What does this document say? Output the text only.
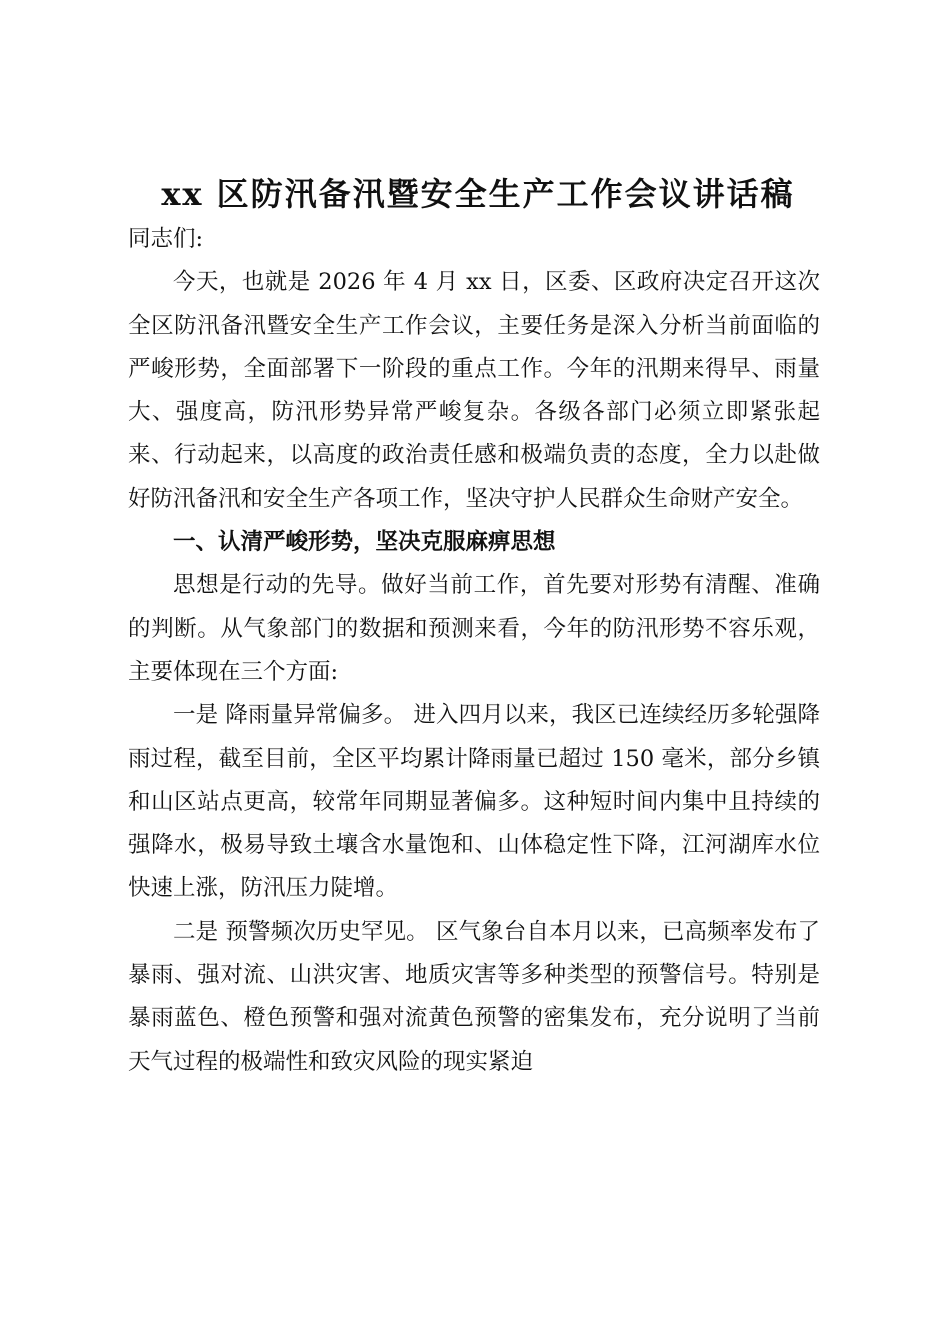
xx 区防汛备汛暨安全生产工作会议讲话稿

同志们:

今天，也就是 2026 年 4 月 xx 日，区委、区政府决定召开这次全区防汛备汛暨安全生产工作会议，主要任务是深入分析当前面临的严峻形势，全面部署下一阶段的重点工作。今年的汛期来得早、雨量大、强度高，防汛形势异常严峻复杂。各级各部门必须立即紧张起来、行动起来，以高度的政治责任感和极端负责的态度，全力以赴做好防汛备汛和安全生产各项工作，坚决守护人民群众生命财产安全。

一、认清严峻形势，坚决克服麻痹思想

思想是行动的先导。做好当前工作，首先要对形势有清醒、准确的判断。从气象部门的数据和预测来看，今年的防汛形势不容乐观，主要体现在三个方面:

一是 降雨量异常偏多。 进入四月以来，我区已连续经历多轮强降雨过程，截至目前，全区平均累计降雨量已超过 150 毫米，部分乡镇和山区站点更高，较常年同期显著偏多。这种短时间内集中且持续的强降水，极易导致土壤含水量饱和、山体稳定性下降，江河湖库水位快速上涨，防汛压力陡增。

二是 预警频次历史罕见。 区气象台自本月以来，已高频率发布了暴雨、强对流、山洪灾害、地质灾害等多种类型的预警信号。特别是暴雨蓝色、橙色预警和强对流黄色预警的密集发布，充分说明了当前天气过程的极端性和致灾风险的现实紧迫
